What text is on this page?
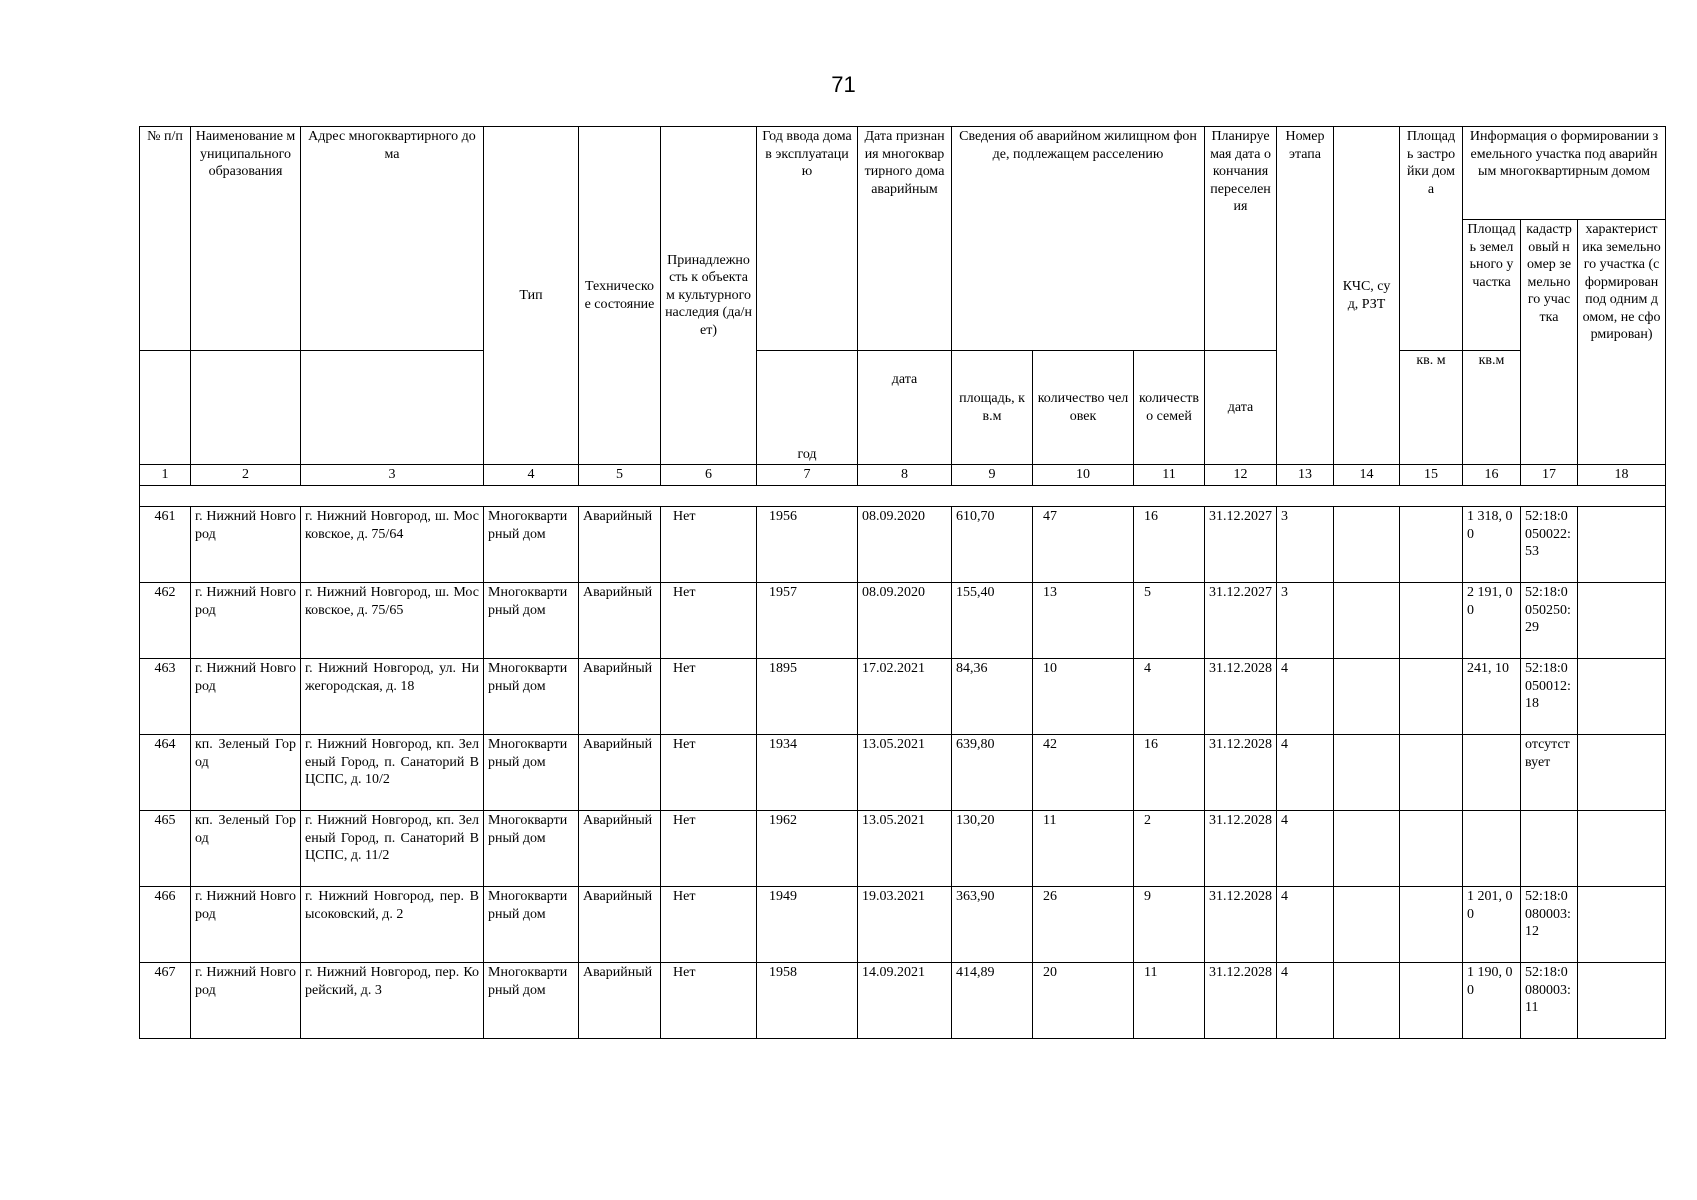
71
№ п/п	Наименование муниципального образования	Адрес многоквартирного дома	Тип	Техническое состояние	Принадлежность к объектам культурного наследия (да/нет)	Год ввода дома в эксплуатацию	Дата признания многоквартирного дома аварийным	Сведения об аварийном жилищном фонде, подлежащем расселению			Планируемая дата окончания переселения	Номер этапа	КЧС, суд, РЗТ	Площадь застройки дома	Информация о формировании земельного участка под аварийным многоквартирным домом		
															Площадь земельного участка	кадастровый номер земельного участка	характеристика земельного участка (сформирован под одним домом, не сформирован)
						год	дата	площадь, кв.м	количество человек	количество семей	дата			кв. м	кв.м		
1	2	3	4	5	6	7	8	9	10	11	12	13	14	15	16	17	18

461	г. Нижний Новгород	г. Нижний Новгород, ш. Московское, д. 75/64	Многоквартирный дом	Аварийный	Нет	1956	08.09.2020	610,70	47	16	31.12.2027	3			1 318, 00	52:18:0050022:53	
462	г. Нижний Новгород	г. Нижний Новгород, ш. Московское, д. 75/65	Многоквартирный дом	Аварийный	Нет	1957	08.09.2020	155,40	13	5	31.12.2027	3			2 191, 00	52:18:0050250:29	
463	г. Нижний Новгород	г. Нижний Новгород, ул. Нижегородская, д. 18	Многоквартирный дом	Аварийный	Нет	1895	17.02.2021	84,36	10	4	31.12.2028	4			241, 10	52:18:0050012:18	
464	кп. Зеленый Город	г. Нижний Новгород, кп. Зеленый Город, п. Санаторий ВЦСПС, д. 10/2	Многоквартирный дом	Аварийный	Нет	1934	13.05.2021	639,80	42	16	31.12.2028	4				отсутствует	
465	кп. Зеленый Город	г. Нижний Новгород, кп. Зеленый Город, п. Санаторий ВЦСПС, д. 11/2	Многоквартирный дом	Аварийный	Нет	1962	13.05.2021	130,20	11	2	31.12.2028	4					
466	г. Нижний Новгород	г. Нижний Новгород, пер. Высоковский, д. 2	Многоквартирный дом	Аварийный	Нет	1949	19.03.2021	363,90	26	9	31.12.2028	4			1 201, 00	52:18:0080003:12	
467	г. Нижний Новгород	г. Нижний Новгород, пер. Корейский, д. 3	Многоквартирный дом	Аварийный	Нет	1958	14.09.2021	414,89	20	11	31.12.2028	4			1 190, 00	52:18:0080003:11	
